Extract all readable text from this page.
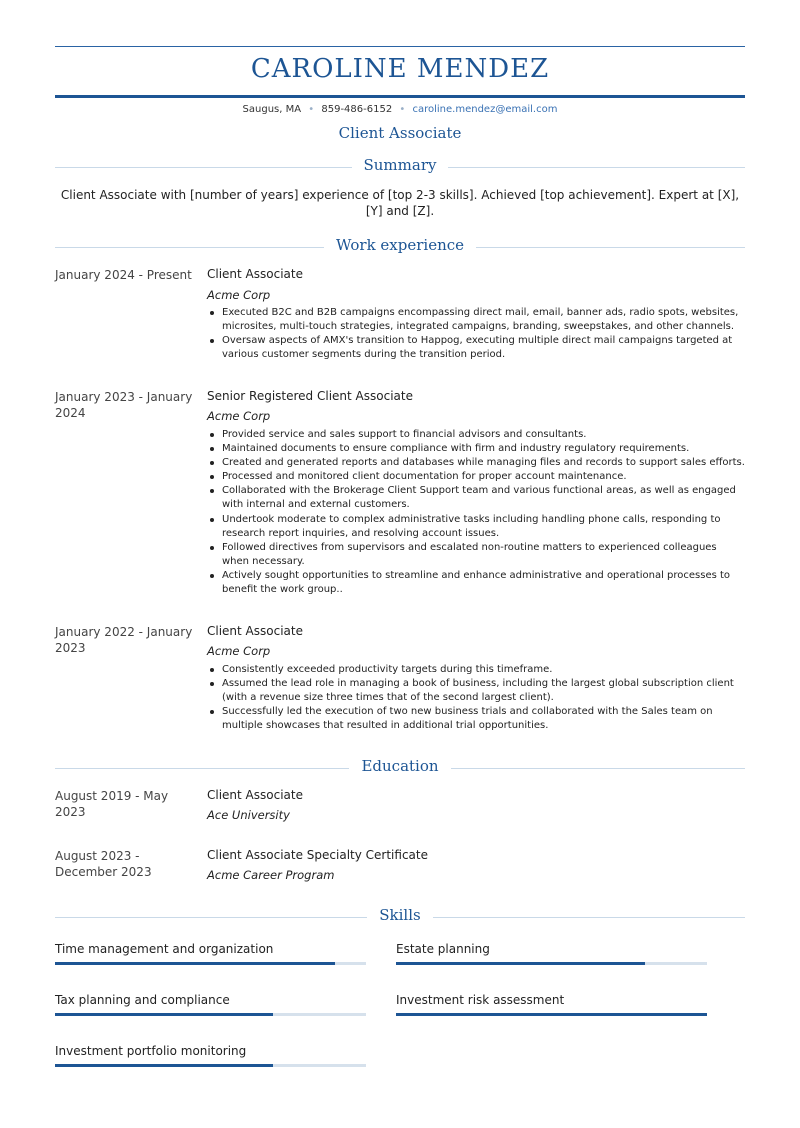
CAROLINE MENDEZ
Saugus, MA • 859-486-6152 • caroline.mendez@email.com
Client Associate
Summary
Client Associate with [number of years] experience of [top 2-3 skills]. Achieved [top achievement]. Expert at [X], [Y] and [Z].
Work experience
January 2024 - Present Client Associate
Acme Corp
Executed B2C and B2B campaigns encompassing direct mail, email, banner ads, radio spots, websites, microsites, multi-touch strategies, integrated campaigns, branding, sweepstakes, and other channels.
Oversaw aspects of AMX's transition to Happog, executing multiple direct mail campaigns targeted at various customer segments during the transition period.
January 2023 - January 2024
Senior Registered Client Associate
Acme Corp
Provided service and sales support to financial advisors and consultants.
Maintained documents to ensure compliance with firm and industry regulatory requirements.
Created and generated reports and databases while managing files and records to support sales efforts.
Processed and monitored client documentation for proper account maintenance.
Collaborated with the Brokerage Client Support team and various functional areas, as well as engaged with internal and external customers.
Undertook moderate to complex administrative tasks including handling phone calls, responding to research report inquiries, and resolving account issues.
Followed directives from supervisors and escalated non-routine matters to experienced colleagues when necessary.
Actively sought opportunities to streamline and enhance administrative and operational processes to benefit the work group..
January 2022 - January 2023
Client Associate
Acme Corp
Consistently exceeded productivity targets during this timeframe.
Assumed the lead role in managing a book of business, including the largest global subscription client (with a revenue size three times that of the second largest client).
Successfully led the execution of two new business trials and collaborated with the Sales team on multiple showcases that resulted in additional trial opportunities.
Education
August 2019 - May 2023
Client Associate
Ace University
August 2023 - December 2023
Client Associate Specialty Certificate
Acme Career Program
Skills
Time management and organization	Estate planning
Tax planning and compliance	Investment risk assessment
Investment portfolio monitoring
